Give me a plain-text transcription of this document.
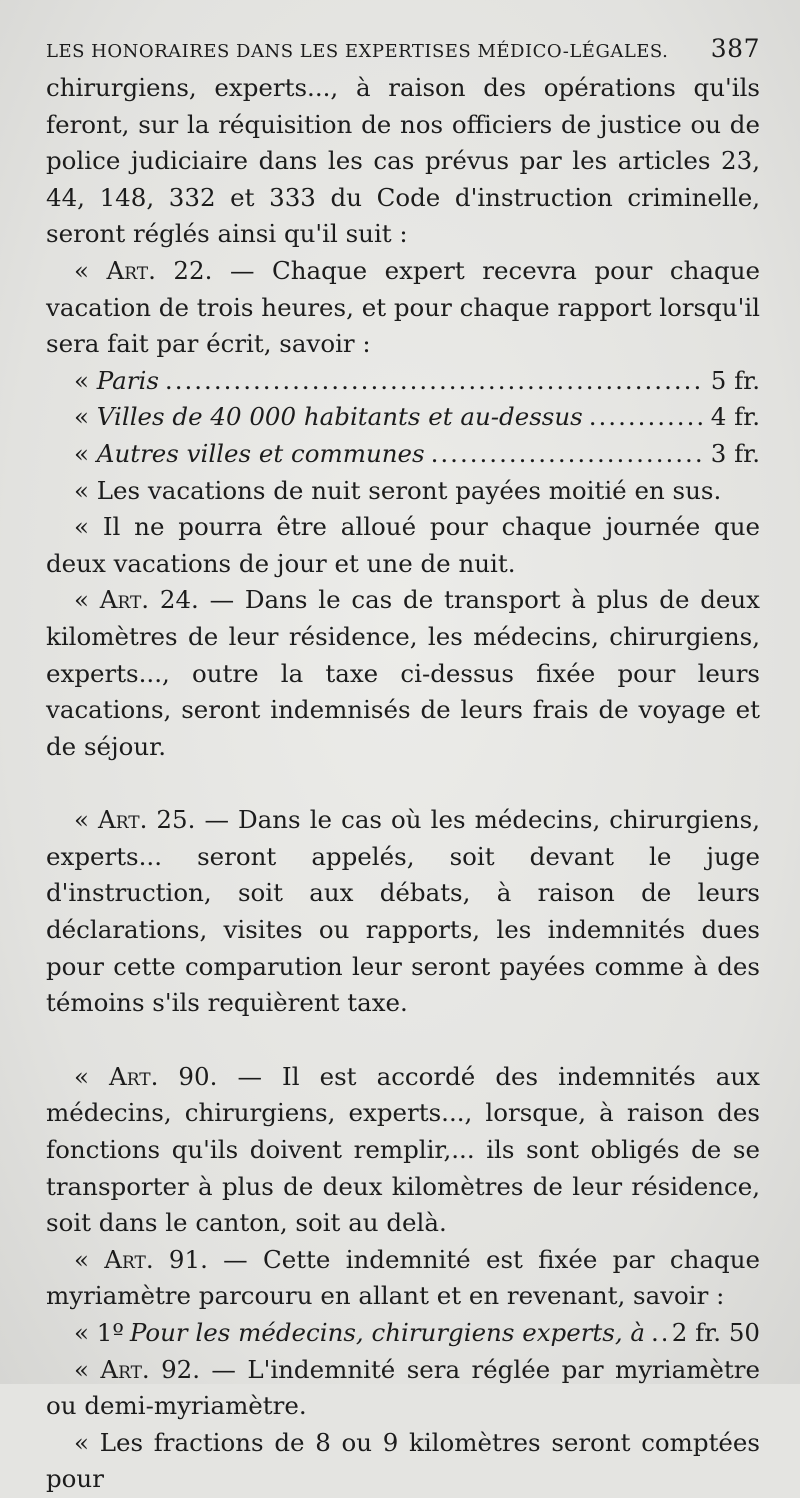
LES HONORAIRES DANS LES EXPERTISES MÉDICO-LÉGALES. 387

chirurgiens, experts..., à raison des opérations qu'ils feront, sur la réquisition de nos officiers de justice ou de police judiciaire dans les cas prévus par les articles 23, 44, 148, 332 et 333 du Code d'instruction criminelle, seront réglés ainsi qu'il suit :

« Art. 22. — Chaque expert recevra pour chaque vacation de trois heures, et pour chaque rapport lorsqu'il sera fait par écrit, savoir :

« Paris .....	5 fr.
« Villes de 40 000 habitants et au-dessus .....	4 fr.
« Autres villes et communes .....	3 fr.

« Les vacations de nuit seront payées moitié en sus.

« Il ne pourra être alloué pour chaque journée que deux vacations de jour et une de nuit.

« Art. 24. — Dans le cas de transport à plus de deux kilomètres de leur résidence, les médecins, chirurgiens, experts..., outre la taxe ci-dessus fixée pour leurs vacations, seront indemnisés de leurs frais de voyage et de séjour.

« Art. 25. — Dans le cas où les médecins, chirurgiens, experts... seront appelés, soit devant le juge d'instruction, soit aux débats, à raison de leurs déclarations, visites ou rapports, les indemnités dues pour cette comparution leur seront payées comme à des témoins s'ils requièrent taxe.

« Art. 90. — Il est accordé des indemnités aux médecins, chirurgiens, experts..., lorsque, à raison des fonctions qu'ils doivent remplir,... ils sont obligés de se transporter à plus de deux kilomètres de leur résidence, soit dans le canton, soit au delà.

« Art. 91. — Cette indemnité est fixée par chaque myriamètre parcouru en allant et en revenant, savoir :

« 1º Pour les médecins, chirurgiens experts, à ..... 2 fr. 50

« Art. 92. — L'indemnité sera réglée par myriamètre ou demi-myriamètre.

« Les fractions de 8 ou 9 kilomètres seront comptées pour
